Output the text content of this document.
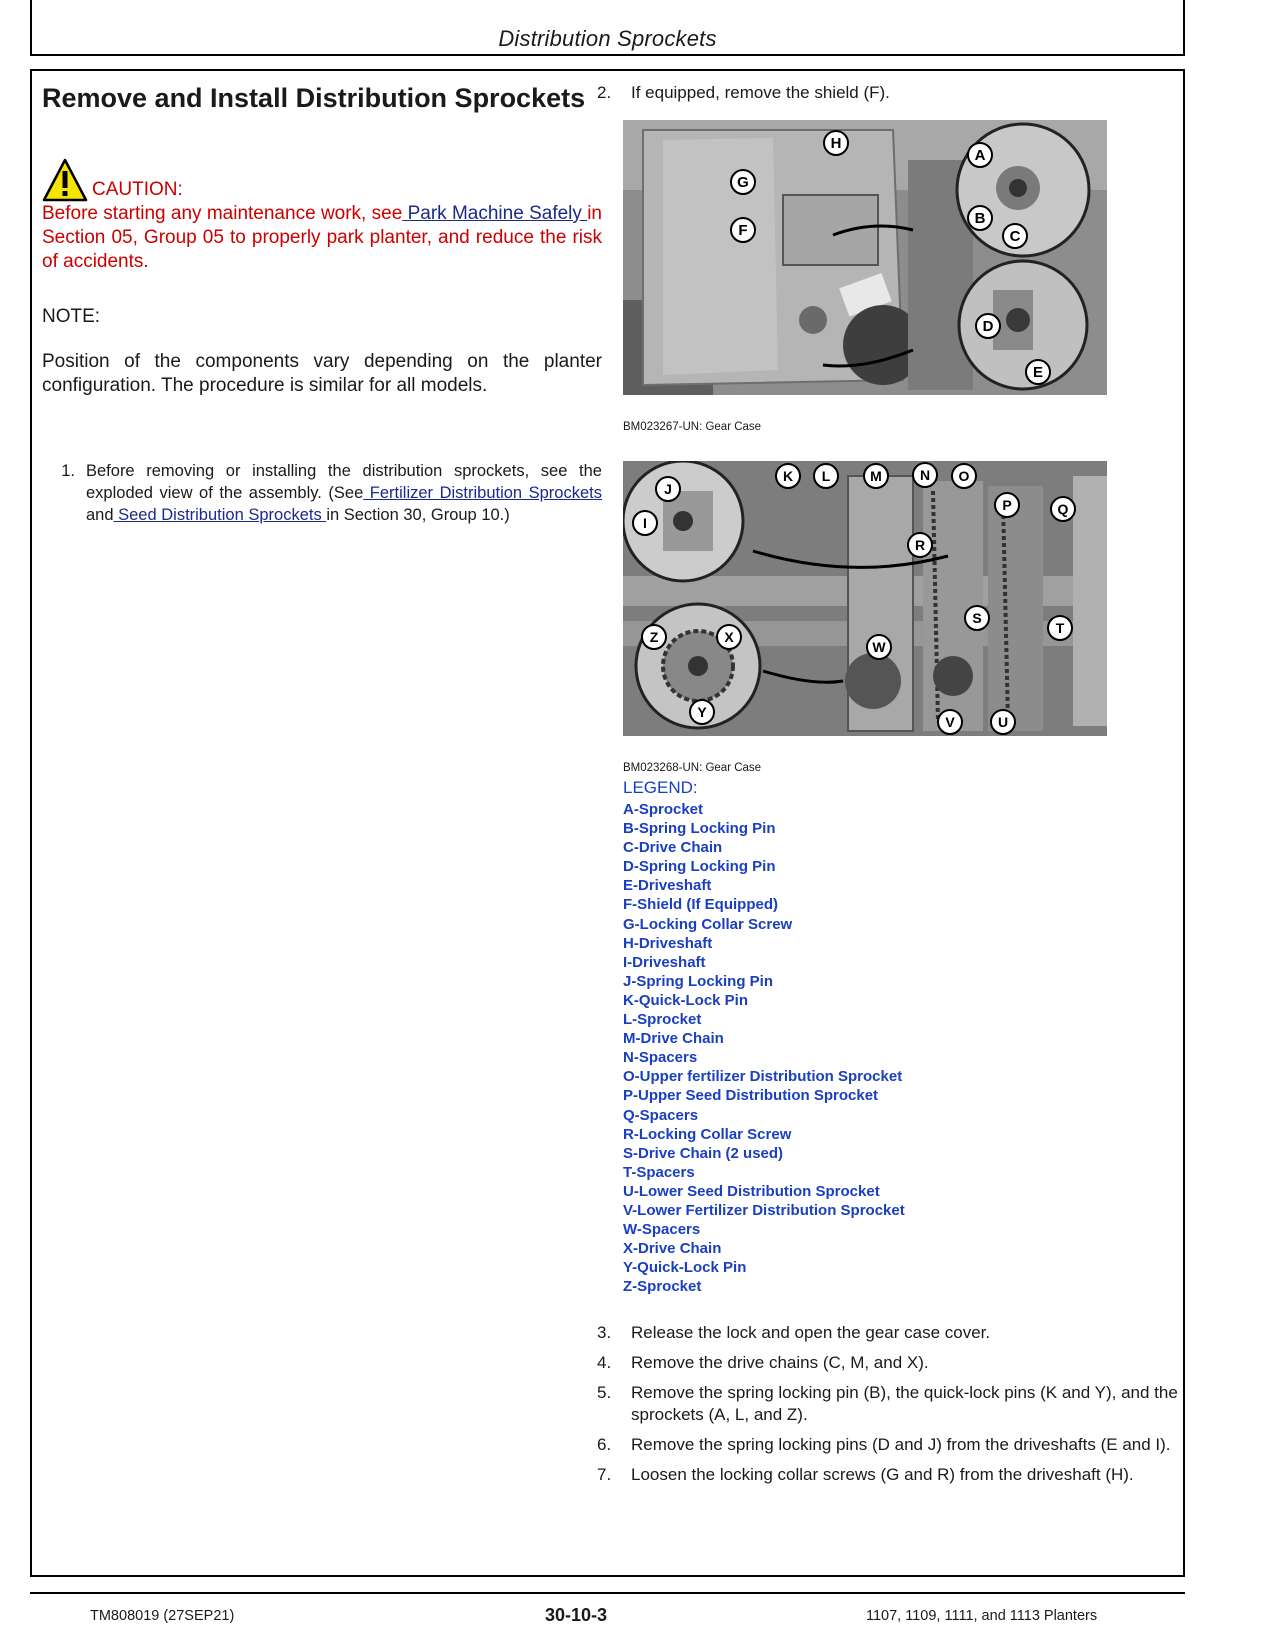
Distribution Sprockets
Remove and Install Distribution Sprockets
CAUTION:
Before starting any maintenance work, see Park Machine Safely in Section 05, Group 05 to properly park planter, and reduce the risk of accidents.
NOTE:
Position of the components vary depending on the planter configuration. The procedure is similar for all models.
1. Before removing or installing the distribution sprockets, see the exploded view of the assembly. (See Fertilizer Distribution Sprockets and Seed Distribution Sprockets in Section 30, Group 10.)
2.	If equipped, remove the shield (F).
H
G
F
A
B
C
D
E
BM023267-UN: Gear Case
J
I
K L	M	N O
P	Q
R
S
T
U
V
W
X
Y
Z
BM023268-UN: Gear Case
LEGEND:
A-Sprocket
B-Spring Locking Pin
C-Drive Chain
D-Spring Locking Pin
E-Driveshaft
F-Shield (If Equipped)
G-Locking Collar Screw
H-Driveshaft
I-Driveshaft
J-Spring Locking Pin
K-Quick-Lock Pin
L-Sprocket
M-Drive Chain
N-Spacers
O-Upper fertilizer Distribution Sprocket
P-Upper Seed Distribution Sprocket
Q-Spacers
R-Locking Collar Screw
S-Drive Chain (2 used)
T-Spacers
U-Lower Seed Distribution Sprocket
V-Lower Fertilizer Distribution Sprocket
W-Spacers
X-Drive Chain
Y-Quick-Lock Pin
Z-Sprocket
3.	Release the lock and open the gear case cover.
4.	Remove the drive chains (C, M, and X).
5.	Remove the spring locking pin (B), the quick-lock pins (K and Y), and the sprockets (A, L, and Z).
6.	Remove the spring locking pins (D and J) from the driveshafts (E and I).
7.	Loosen the locking collar screws (G and R) from the driveshaft (H).
TM808019 (27SEP21)	30-10-3	1107, 1109, 1111, and 1113 Planters
